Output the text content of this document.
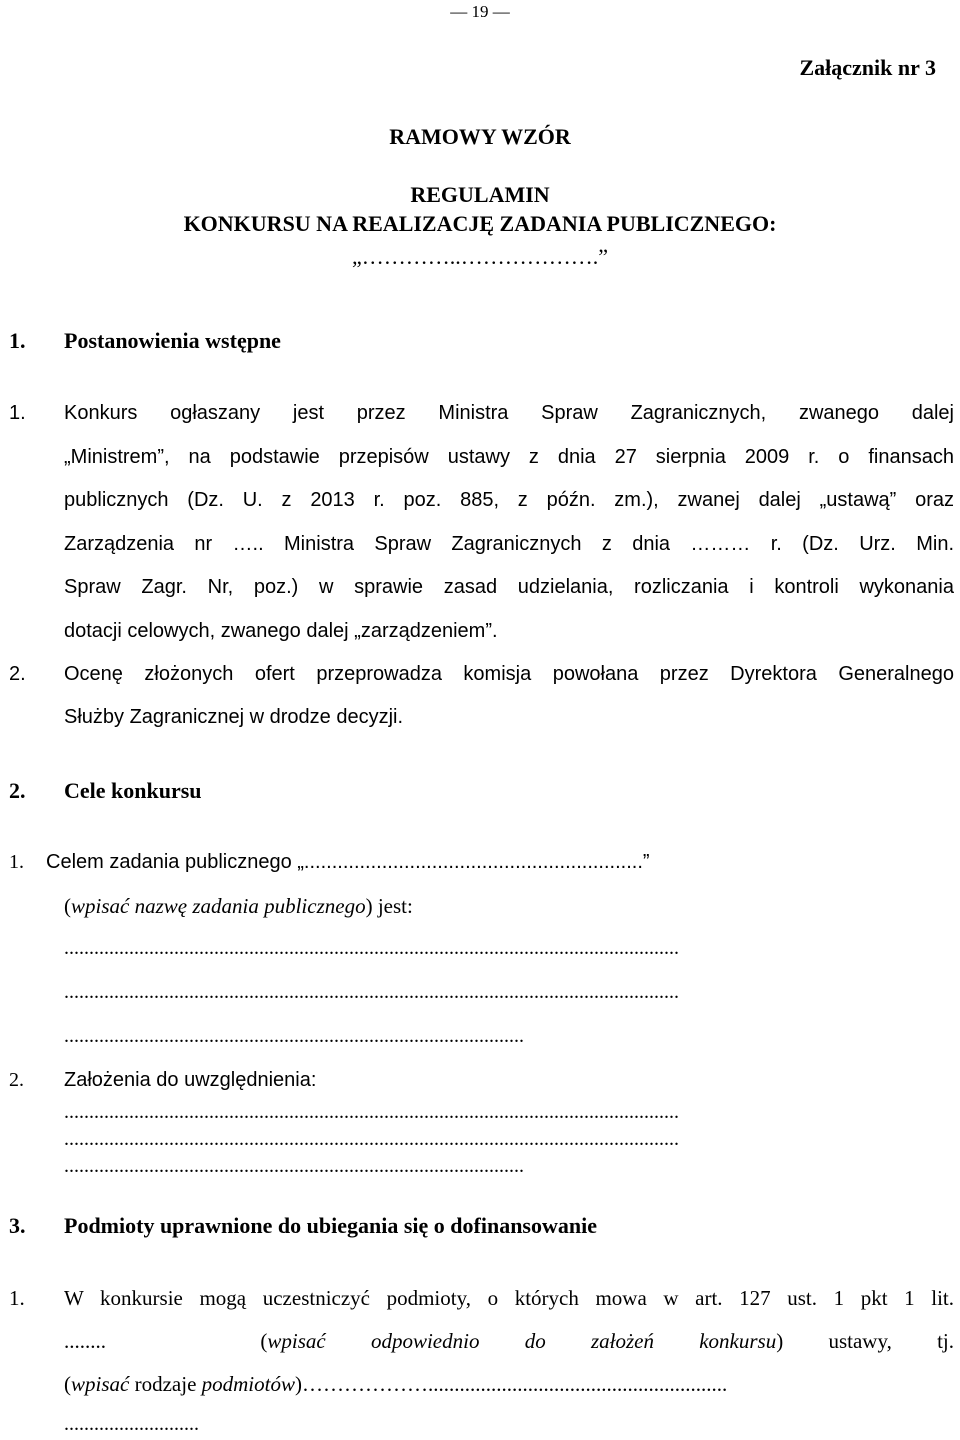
— 19 —
Załącznik nr 3
RAMOWY WZÓR
REGULAMIN
KONKURSU NA REALIZACJĘ ZADANIA PUBLICZNEGO:
„…………..……………….”
1. Postanowienia wstępne
1. Konkurs ogłaszany jest przez Ministra Spraw Zagranicznych, zwanego dalej
„Ministrem”, na podstawie przepisów ustawy z dnia 27 sierpnia 2009 r. o finansach
publicznych (Dz. U. z 2013 r. poz. 885, z późn. zm.), zwanej dalej „ustawą” oraz
Zarządzenia nr ….. Ministra Spraw Zagranicznych z dnia ……… r. (Dz. Urz. Min.
Spraw Zagr. Nr, poz.) w sprawie zasad udzielania, rozliczania i kontroli wykonania
dotacji celowych, zwanego dalej „zarządzeniem”.
2. Ocenę złożonych ofert przeprowadza komisja powołana przez Dyrektora Generalnego
Służby Zagranicznej w drodze decyzji.
2. Cele konkursu
1. Celem zadania publicznego „.............................................................”
(wpisać nazwę zadania publicznego) jest:
...........................................................................................................................
...........................................................................................................................
............................................................................................
2. Założenia do uwzględnienia:
...........................................................................................................................
...........................................................................................................................
............................................................................................
3. Podmioty uprawnione do ubiegania się o dofinansowanie
1. W konkursie mogą uczestniczyć podmioty, o których mowa w art. 127 ust. 1 pkt 1 lit.
........	(wpisać odpowiednio do założeń konkursu) ustawy, tj.
(wpisać rodzaje podmiotów)……………….........................................................
...........................
